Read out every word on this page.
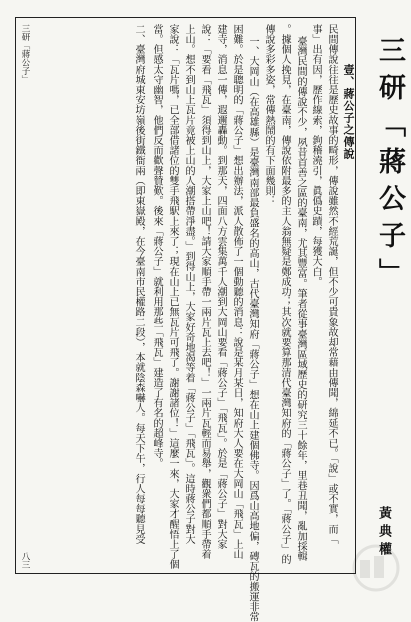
三研「蔣公子」
黃典權
壹、蔣公子之傳說
民間傳說往往是歷史故事的畸形，傳說雖然不經荒誕，但不少可貴象故却常藉由傳聞，綿延不已。「說」或不實，而「
事」出有因，歷作線索，鉤稽澆引，眞僞史蹟，每獲大白。
臺灣民間的傳說不少，夙昔首善之區的臺南，尤其豐富。筆者從事臺灣區域歷史的研究三十餘年，里巷丑聞，亂加採輯
。據個人挽見，在臺南，傳說依附最多的主人翁無疑是鄭成功；其次就要算那清代臺灣知府的「蔣公子」了。「蔣公子」的
傳說多彩多姿，常傳熱鬧的有下面幾則：
一、大岡山（在高雄縣）是臺灣南部最負盛名的高山，古代臺灣知府「蔣公子」想在山上建個佛寺。因爲山高地偏，磚瓦的搬運非常
困難。於是聰明的「蔣公子」想出辦法，派人散佈了一個動聽的消息：說是某月某日，知府大人要在大岡山「飛瓦」上山
建寺，消息一傳，遐邇轟動。到那天，四面八方雲集萬千人潮到大岡山要看「蔣公子」「飛瓦」。於是「蔣公子」對大家
說：「要看「飛瓦」須得到山上，大家上山吧！請大家順手帶一兩片瓦上去吧！」一兩片瓦輕而易舉，觀衆們都順手帶着
上山。想不到山上瓦片竟被上山的人潮搭帶淨盡。」到得山上，大家好奇地渴等着「蔣公子」「飛瓦」。這時蔣公子對大
家說：「瓦片嗎，已全部借諸位的雙手飛駅上來了；現在山上已無瓦片可飛了。謝謝諸位！」這麼一來，大家才醒悟上了個
當。但感太守幽智，他們反而歡聲贊歎。後來「蔣公子」就利用那些「飛瓦」建造了有名的超峰寺。
二、臺灣府城東安坊嶺後街鐵衙兩（即東嶽殿，在今臺南市民權路二段），本就陰森嚇人。每天下午，行人每每聽見受
三研「蔣公子」
八三
